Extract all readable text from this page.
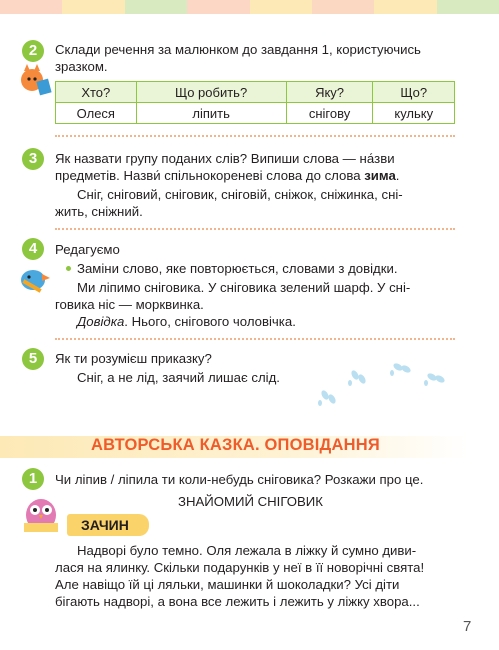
2	Склади речення за малюнком до завдання 1, користуючись
зразком.
Хто?	Що робить?	Яку?	Що?
Олеся	ліпить	снігову	кульку
3	Як назвати групу поданих слів? Випиши слова — на́зви
предметів. Назви́ спільнокореневі слова до слова зима.
Сніг, сніговий, сніговик, сніговій, сніжок, сніжинка, сні-
жить, сніжний.
4	Редагуємо
Заміни слово, яке повторюється, словами з довідки.
Ми ліпимо сніговика. У сніговика зелений шарф. У сні-
говика ніс — морквинка.
Довідка. Нього, снігового чоловічка.
5	Як ти розумієш приказку?
Сніг, а не лід, заячий лишає слід.
АВТОРСЬКА КАЗКА. ОПОВІДАННЯ
1	Чи ліпив / ліпила ти коли-небудь сніговика? Розкажи про це.
ЗНАЙОМИЙ СНІГОВИК
ЗАЧИН
Надворі було темно. Оля лежала в ліжку й сумно диви-
лася на ялинку. Скільки подарунків у неї в її новорічні свята!
Але навіщо їй ці ляльки, машинки й шоколадки? Усі діти
бігають надворі, а вона все лежить і лежить у ліжку хвора...
7
